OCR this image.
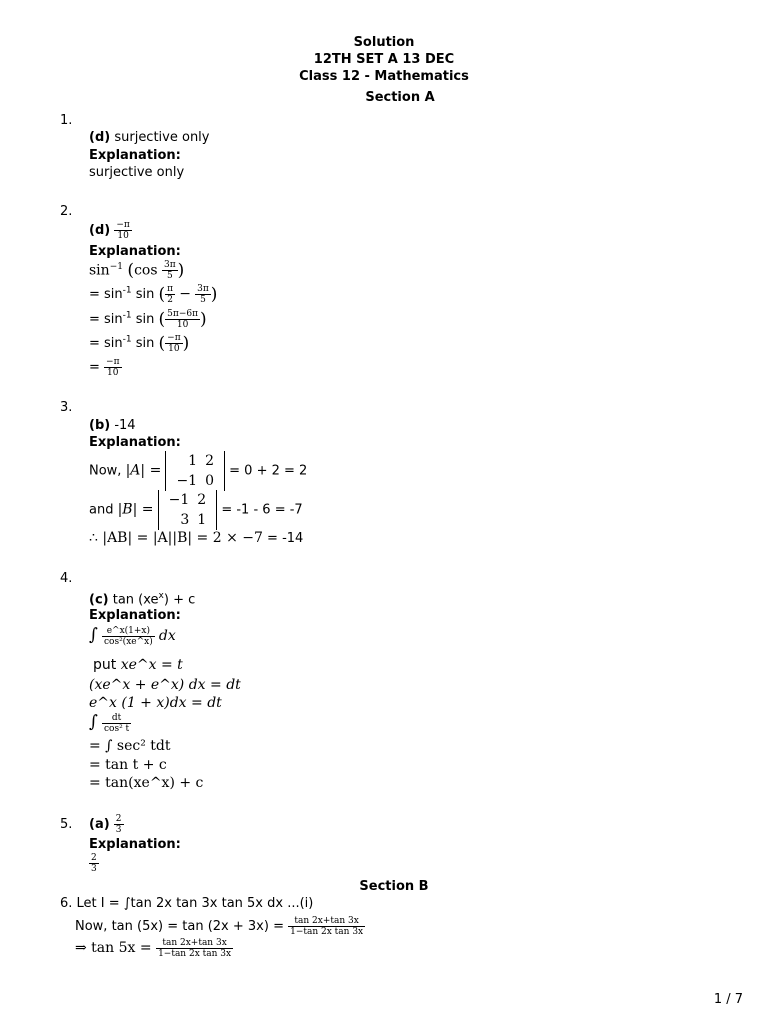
Solution
12TH SET A 13 DEC
Class 12 - Mathematics
Section A
1.
(d) surjective only
Explanation:
surjective only
2.
$(d) \frac{-\pi}{10}$
Explanation:
$\sin^{-1} (\cos \frac{3\pi}{5}$ )
= $\sin^{-1} \sin$ ( $\frac{\pi}{2} - \frac{3\pi}{5}$ )
= $\sin^{-1} \sin$ ( $\frac{5\pi-6\pi}{10}$ )
= $\sin^{-1} \sin$ ( $\frac{-\pi}{10}$ )
= $\frac{-\pi}{10}$
3.
(b) -14
Explanation:
Now, |A| =
1	2
−1	0
= 0 + 2 = 2
and |B| =
−1	2
3	1
= -1 - 6 = -7
∴ |AB| = |A||B| = 2 × −7 = -14
4.
(c) $\tan (xe^x) + c$
Explanation:
∫ $\frac{e\^{}x(1+x)}{\text{cos²(xe\textasciicircum{}x)}}$ dx
put xe^x = t
(xe^x + e^x) dx = dt
e^x (1 + x)dx = dt
∫ $\frac{dt}{\text{cos² t}}$
= ∫ sec² tdt
= tan t + c
= tan(xe^x) + c
5. $(a) \frac{2}{3}$
Explanation:
$\frac{2}{3}$
Section B
6. Let I = ∫tan 2x tan 3x tan 5x dx ...(i)
Now, $\tan (5x) = \tan (2x + 3x) = \frac{\tan 2x+\tan 3x}{\text{1−tan 2x tan 3x}}$
⇒ $\tan 5x = \frac{\tan 2x+\tan 3x}{\text{1−tan 2x tan 3x}}$
1 / 7
